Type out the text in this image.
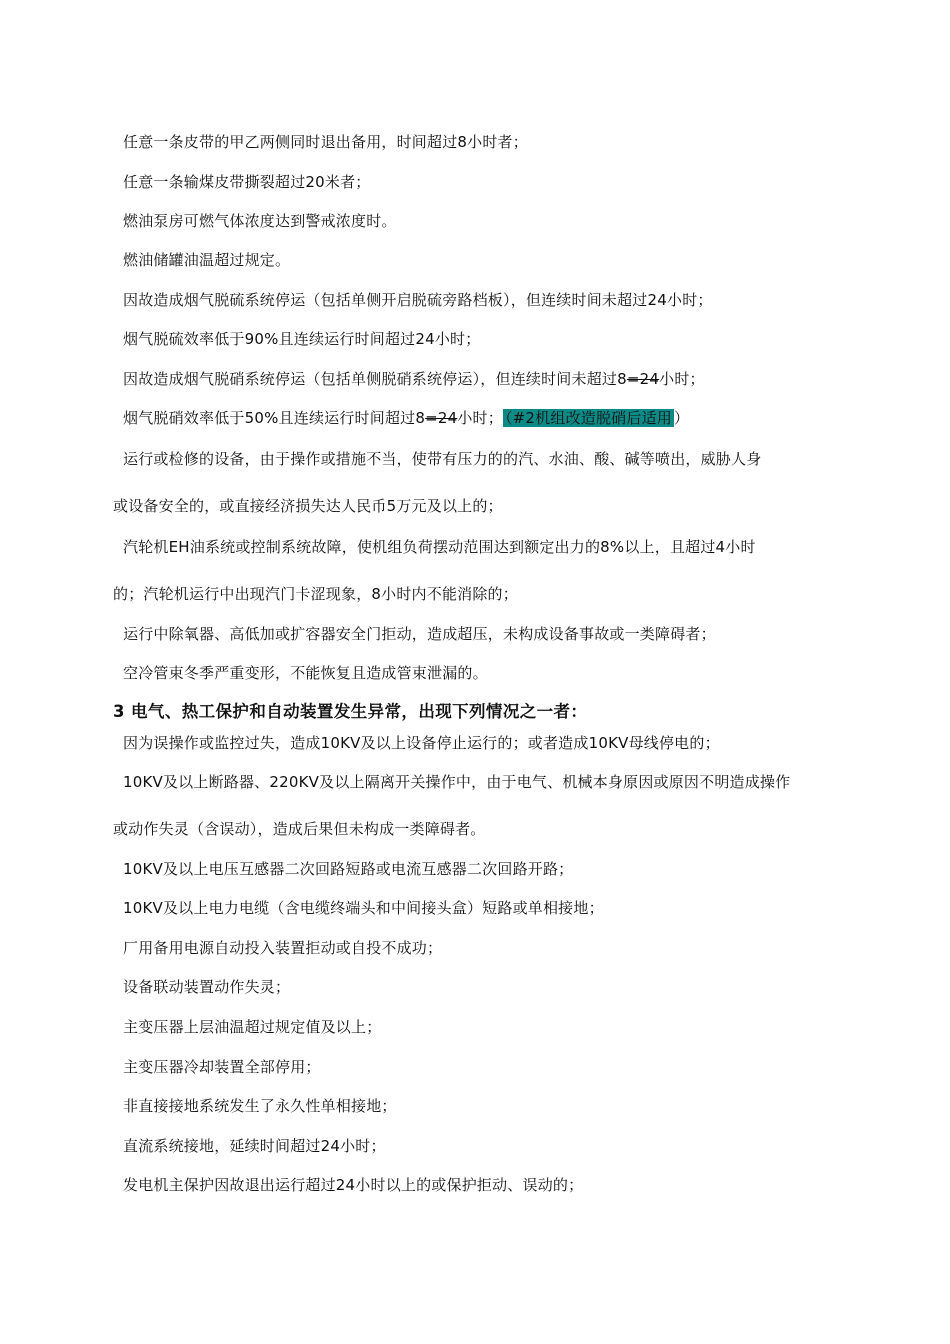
任意一条皮带的甲乙两侧同时退出备用，时间超过8小时者；
任意一条输煤皮带撕裂超过20米者；
燃油泵房可燃气体浓度达到警戒浓度时。
燃油储罐油温超过规定。
因故造成烟气脱硫系统停运（包括单侧开启脱硫旁路档板），但连续时间未超过24小时；
烟气脱硫效率低于90%且连续运行时间超过24小时；
因故造成烟气脱硝系统停运（包括单侧脱硝系统停运），但连续时间未超过8=24小时；
烟气脱硝效率低于50%且连续运行时间超过8=24小时； （#2机组改造脱硝后适用 ）
运行或检修的设备，由于操作或措施不当，使带有压力的的汽、水油、酸、碱等喷出，威胁人身
或设备安全的，或直接经济损失达人民币5万元及以上的；
汽轮机EH油系统或控制系统故障，使机组负荷摆动范围达到额定出力的8%以上，且超过4小时
的；汽轮机运行中出现汽门卡涩现象，8小时内不能消除的；
运行中除氧器、高低加或扩容器安全门拒动，造成超压，未构成设备事故或一类障碍者；
空冷管束冬季严重变形，不能恢复且造成管束泄漏的。
3 电气、热工保护和自动装置发生异常，出现下列情况之一者：
因为误操作或监控过失，造成10KV及以上设备停止运行的；或者造成10KV母线停电的；
10KV及以上断路器、220KV及以上隔离开关操作中，由于电气、机械本身原因或原因不明造成操作
或动作失灵（含误动），造成后果但未构成一类障碍者。
10KV及以上电压互感器二次回路短路或电流互感器二次回路开路；
10KV及以上电力电缆（含电缆终端头和中间接头盒）短路或单相接地；
厂用备用电源自动投入装置拒动或自投不成功；
设备联动装置动作失灵；
主变压器上层油温超过规定值及以上；
主变压器冷却装置全部停用；
非直接接地系统发生了永久性单相接地；
直流系统接地，延续时间超过24小时；
发电机主保护因故退出运行超过24小时以上的或保护拒动、误动的；
